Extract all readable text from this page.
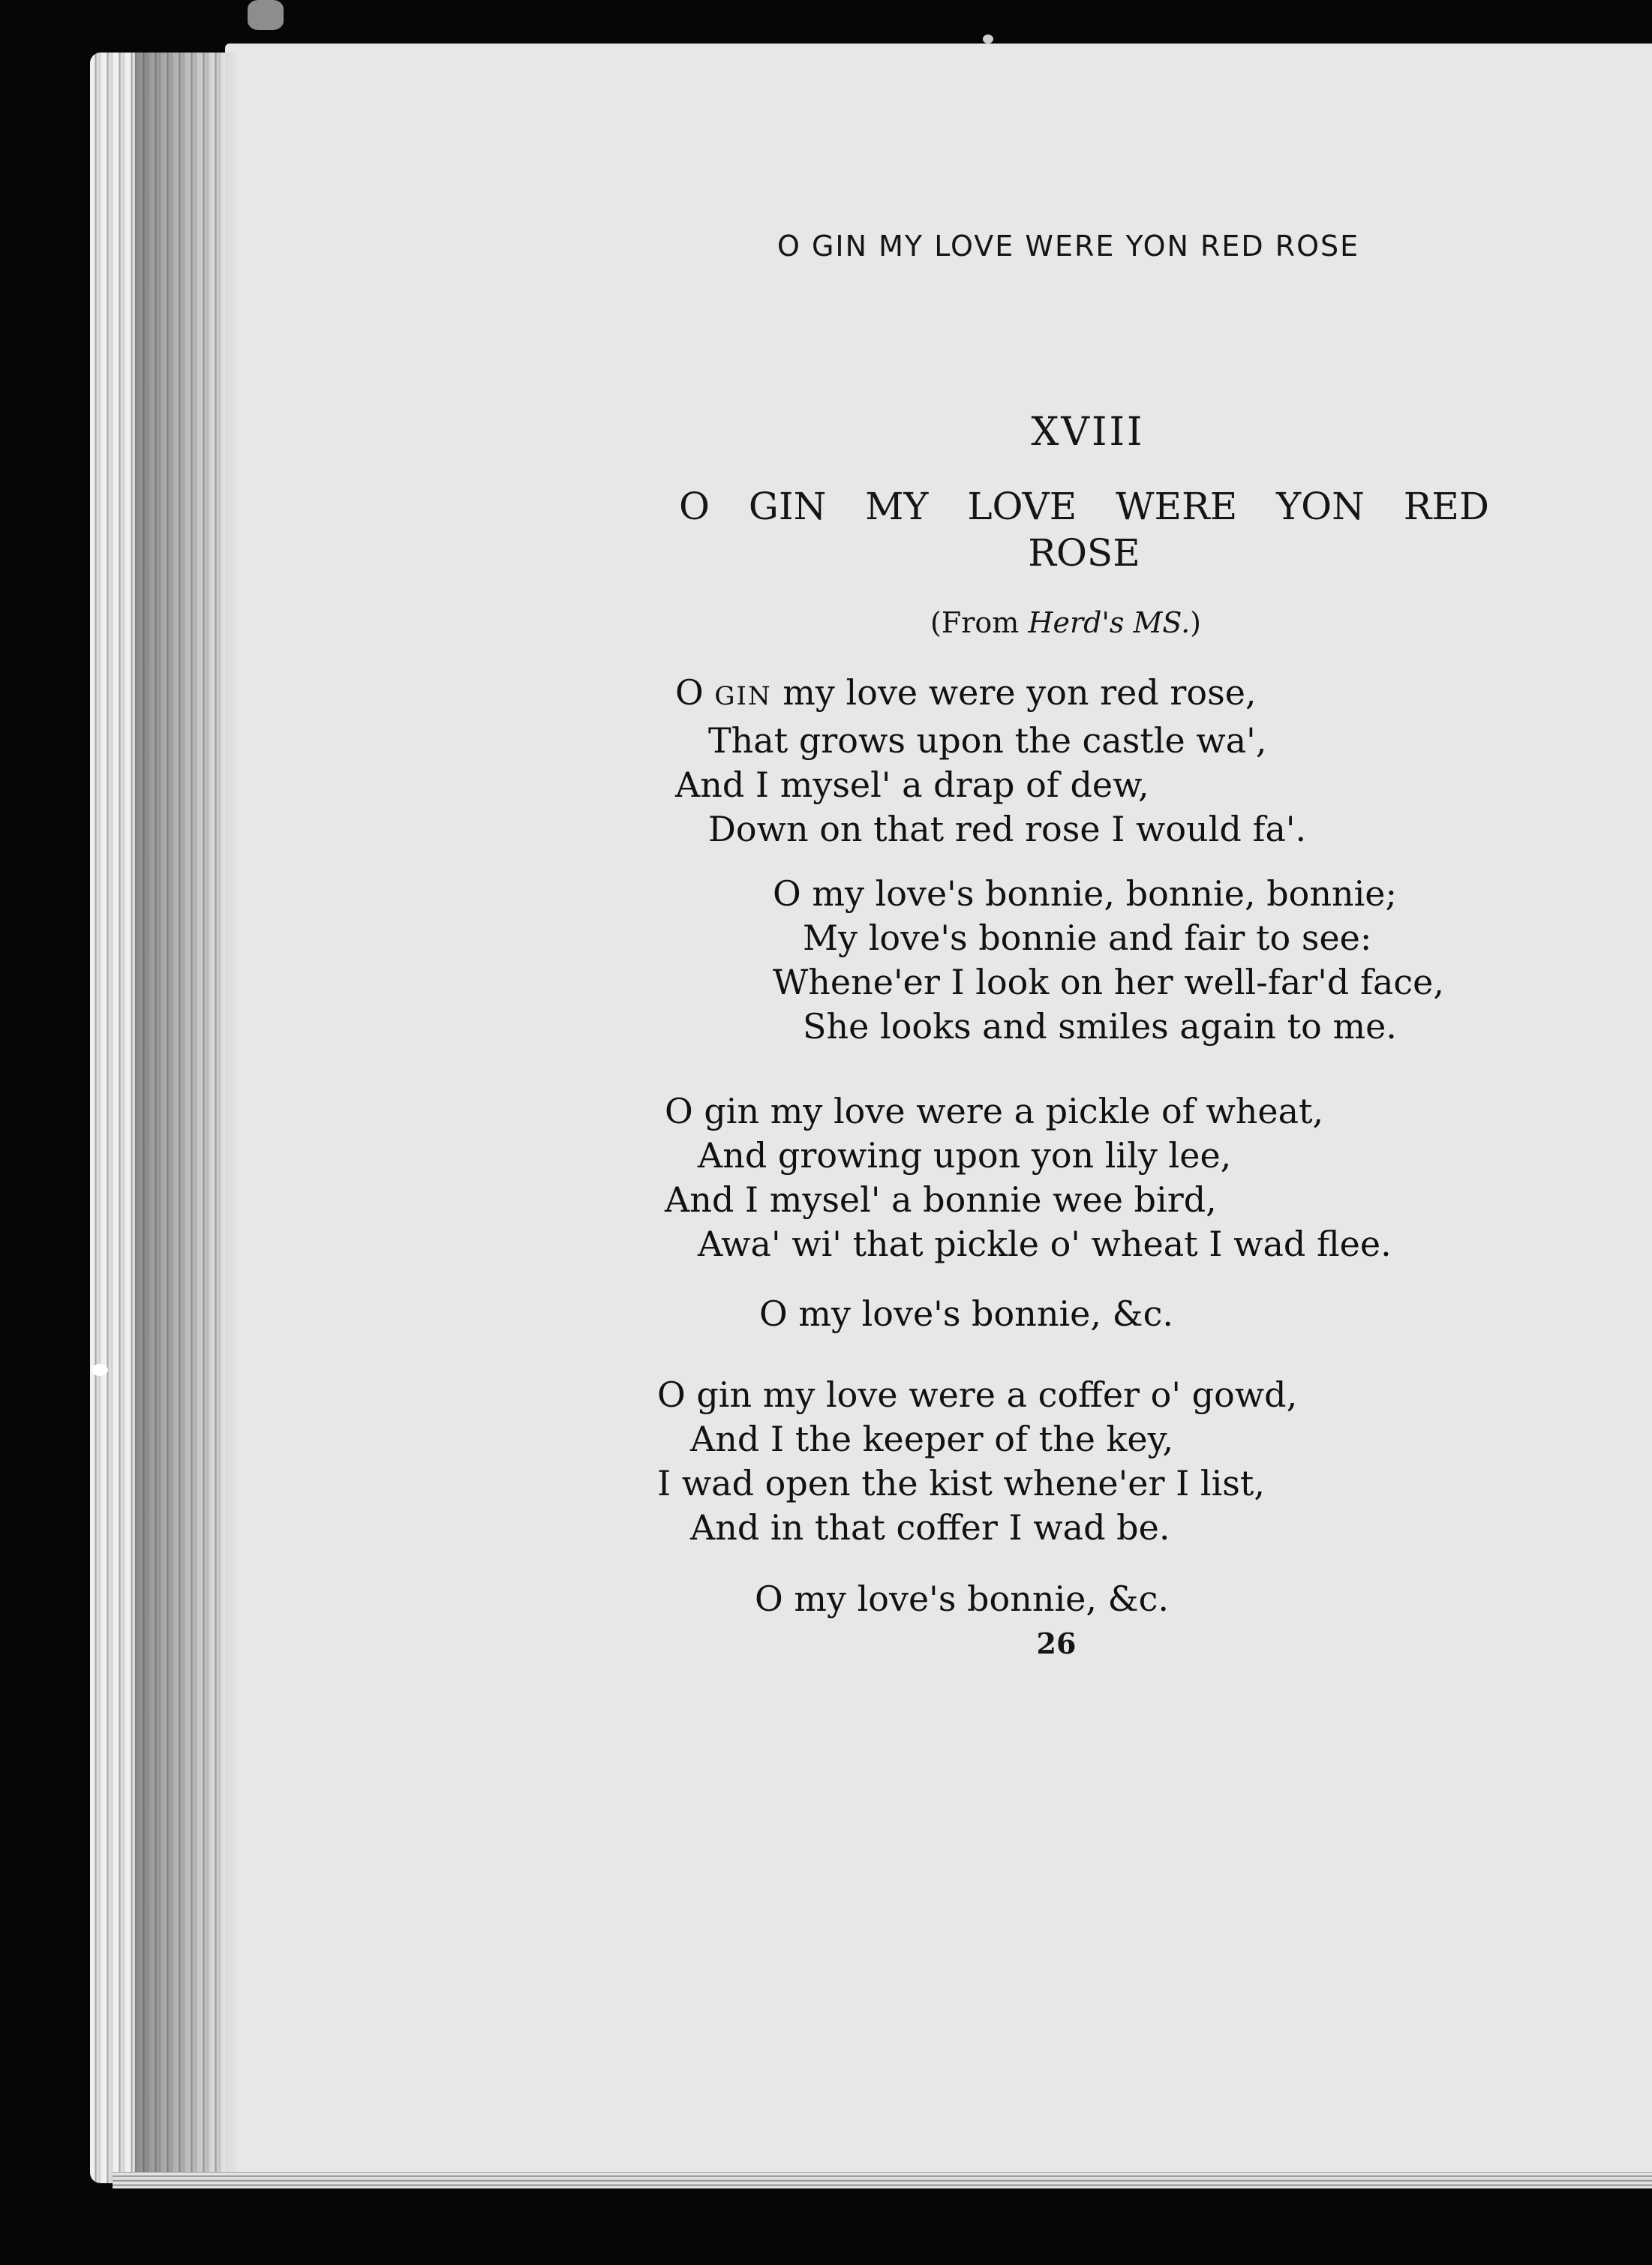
O GIN MY LOVE WERE YON RED ROSE
XVIII
O GIN MY LOVE WERE YON RED ROSE
(From Herd's MS.)
O GIN my love were yon red rose,
That grows upon the castle wa',
And I mysel' a drap of dew,
Down on that red rose I would fa'.
O my love's bonnie, bonnie, bonnie;
My love's bonnie and fair to see:
Whene'er I look on her well-far'd face,
She looks and smiles again to me.
O gin my love were a pickle of wheat,
And growing upon yon lily lee,
And I mysel' a bonnie wee bird,
Awa' wi' that pickle o' wheat I wad flee.
O my love's bonnie, &c.
O gin my love were a coffer o' gowd,
And I the keeper of the key,
I wad open the kist whene'er I list,
And in that coffer I wad be.
O my love's bonnie, &c.
26
